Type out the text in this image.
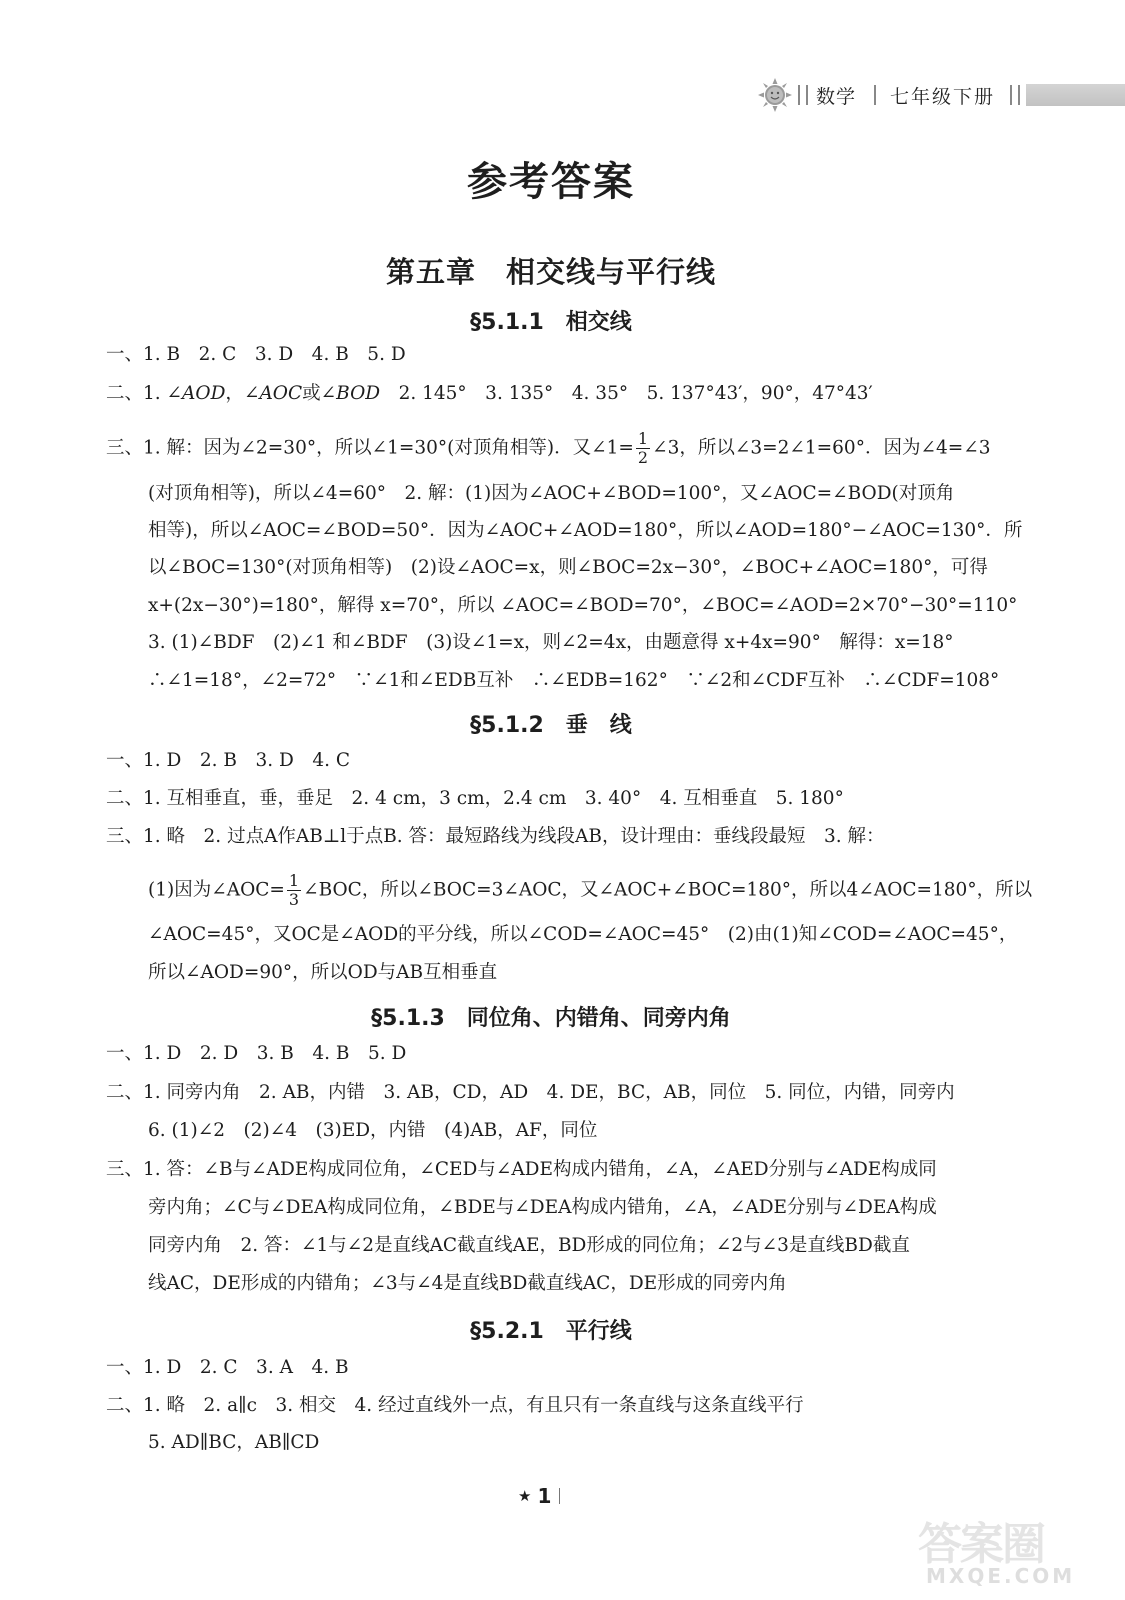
数学 七年级下册
参考答案
第五章　相交线与平行线
§5.1.1　相交线
一、1. B　2. C　3. D　4. B　5. D
二、1. ∠AOD，∠AOC或∠BOD　2. 145°　3. 135°　4. 35°　5. 137°43′，90°，47°43′
三、1. 解：因为∠2=30°，所以∠1=30°(对顶角相等)．又∠1= $\frac{1}{2}$ ∠3，所以∠3=2∠1=60°．因为∠4=∠3
(对顶角相等)，所以∠4=60°　2. 解：(1)因为∠AOC+∠BOD=100°，又∠AOC=∠BOD(对顶角
相等)，所以∠AOC=∠BOD=50°．因为∠AOC+∠AOD=180°，所以∠AOD=180°−∠AOC=130°．所
以∠BOC=130°(对顶角相等)　(2)设∠AOC=x，则∠BOC=2x−30°，∠BOC+∠AOC=180°，可得
x+(2x−30°)=180°，解得 x=70°，所以 ∠AOC=∠BOD=70°，∠BOC=∠AOD=2×70°−30°=110°
3. (1)∠BDF　(2)∠1 和∠BDF　(3)设∠1=x，则∠2=4x，由题意得 x+4x=90°　解得：x=18°
∴∠1=18°，∠2=72°　∵∠1和∠EDB互补　∴∠EDB=162°　∵∠2和∠CDF互补　∴∠CDF=108°
§5.1.2　垂　线
一、1. D　2. B　3. D　4. C
二、1. 互相垂直，垂，垂足　2. 4 cm，3 cm，2.4 cm　3. 40°　4. 互相垂直　5. 180°
三、1. 略　2. 过点A作AB⊥l于点B. 答：最短路线为线段AB，设计理由：垂线段最短　3. 解：
(1)因为∠AOC= $\frac{1}{3}$ ∠BOC，所以∠BOC=3∠AOC，又∠AOC+∠BOC=180°，所以4∠AOC=180°，所以
∠AOC=45°，又OC是∠AOD的平分线，所以∠COD=∠AOC=45°　(2)由(1)知∠COD=∠AOC=45°，
所以∠AOD=90°，所以OD与AB互相垂直
§5.1.3　同位角、内错角、同旁内角
一、1. D　2. D　3. B　4. B　5. D
二、1. 同旁内角　2. AB，内错　3. AB，CD，AD　4. DE，BC，AB，同位　5. 同位，内错，同旁内
6. (1)∠2　(2)∠4　(3)ED，内错　(4)AB，AF，同位
三、1. 答：∠B与∠ADE构成同位角，∠CED与∠ADE构成内错角，∠A，∠AED分别与∠ADE构成同
旁内角；∠C与∠DEA构成同位角，∠BDE与∠DEA构成内错角，∠A，∠ADE分别与∠DEA构成
同旁内角　2. 答：∠1与∠2是直线AC截直线AE，BD形成的同位角；∠2与∠3是直线BD截直
线AC，DE形成的内错角；∠3与∠4是直线BD截直线AC，DE形成的同旁内角
§5.2.1　平行线
一、1. D　2. C　3. A　4. B
二、1. 略　2. a∥c　3. 相交　4. 经过直线外一点，有且只有一条直线与这条直线平行
5. AD∥BC，AB∥CD
★ 1
答案圈
MXQE.COM
